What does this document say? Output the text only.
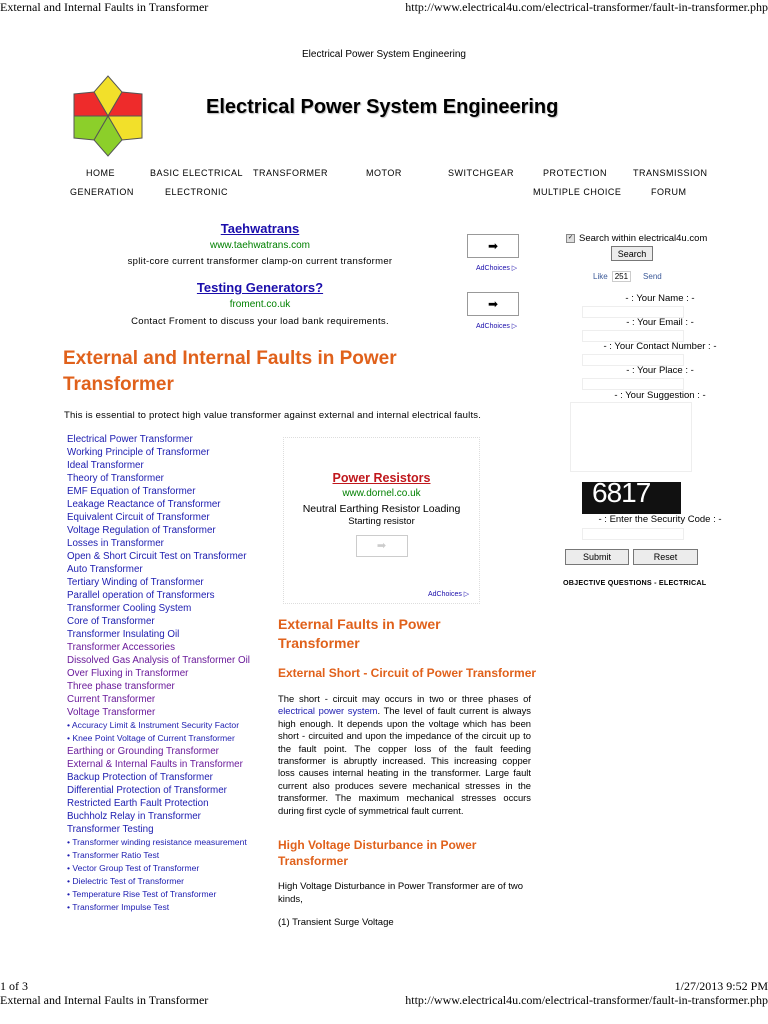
External and Internal Faults in Transformer	http://www.electrical4u.com/electrical-transformer/fault-in-transformer.php
Electrical Power System Engineering
Electrical Power System Engineering
HOME	BASIC ELECTRICAL TRANSFORMER	MOTOR	SWITCHGEAR	PROTECTION	TRANSMISSION
GENERATION	ELECTRONIC	MULTIPLE CHOICE	FORUM
Taehwatrans
www.taehwatrans.com
split-core current transformer clamp-on current transformer
➡
AdChoices ▷
Testing Generators?
froment.co.uk
Contact Froment to discuss your load bank requirements.
➡
AdChoices ▷
✓ Search within electrical4u.com
Search
Like 251	Send
- : Your Name : -
- : Your Email : -
- : Your Contact Number : -
- : Your Place : -
- : Your Suggestion : -
6817
- : Enter the Security Code : -
Submit	Reset
OBJECTIVE QUESTIONS - ELECTRICAL
External and Internal Faults in Power Transformer
This is essential to protect high value transformer against external and internal electrical faults.
Electrical Power Transformer
Working Principle of Transformer
Ideal Transformer
Theory of Transformer
EMF Equation of Transformer
Leakage Reactance of Transformer
Equivalent Circuit of Transformer
Voltage Regulation of Transformer
Losses in Transformer
Open & Short Circuit Test on Transformer
Auto Transformer
Tertiary Winding of Transformer
Parallel operation of Transformers
Transformer Cooling System
Core of Transformer
Transformer Insulating Oil
Transformer Accessories
Dissolved Gas Analysis of Transformer Oil
Over Fluxing in Transformer
Three phase transformer
Current Transformer
Voltage Transformer
• Accuracy Limit & Instrument Security Factor
• Knee Point Voltage of Current Transformer
Earthing or Grounding Transformer
External & Internal Faults in Transformer
Backup Protection of Transformer
Differential Protection of Transformer
Restricted Earth Fault Protection
Buchholz Relay in Transformer
Transformer Testing
• Transformer winding resistance measurement
• Transformer Ratio Test
• Vector Group Test of Transformer
• Dielectric Test of Transformer
• Temperature Rise Test of Transformer
• Transformer Impulse Test
Power Resistors
www.dornel.co.uk
Neutral Earthing Resistor Loading
Starting resistor
➡
AdChoices ▷
External Faults in Power Transformer
External Short - Circuit of Power Transformer

The short - circuit may occurs in two or three phases of electrical power system. The level of fault current is always high enough. It depends upon the voltage which has been short - circuited and upon the impedance of the circuit up to the fault point. The copper loss of the fault feeding transformer is abruptly increased. This increasing copper loss causes internal heating in the transformer. Large fault current also produces severe mechanical stresses in the transformer. The maximum mechanical stresses occurs during first cycle of symmetrical fault current.

High Voltage Disturbance in Power Transformer
High Voltage Disturbance in Power Transformer are of two kinds,
(1) Transient Surge Voltage
1 of 3	1/27/2013 9:52 PM
External and Internal Faults in Transformer	http://www.electrical4u.com/electrical-transformer/fault-in-transformer.php
